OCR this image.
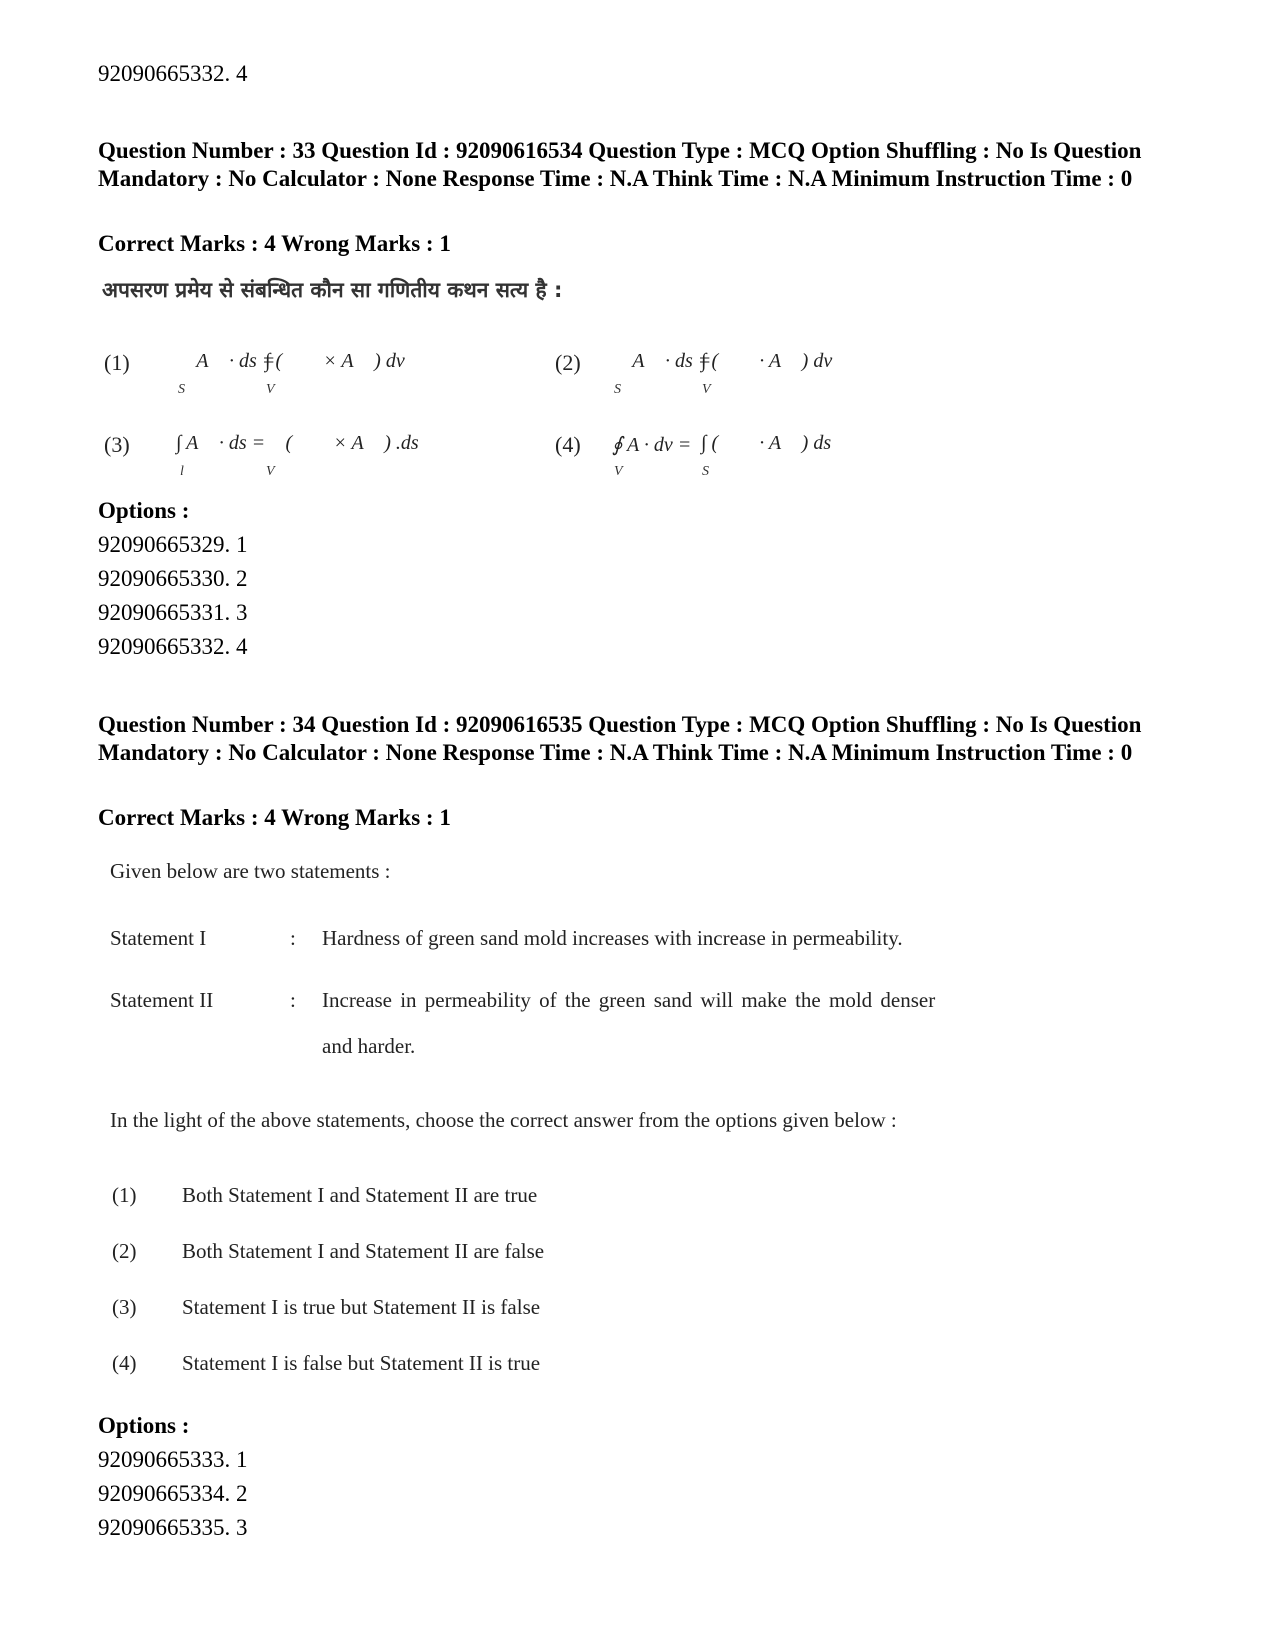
92090665332. 4
Question Number : 33 Question Id : 92090616534 Question Type : MCQ Option Shuffling : No Is Question Mandatory : No Calculator : None Response Time : N.A Think Time : N.A Minimum Instruction Time : 0
Correct Marks : 4 Wrong Marks : 1
अपसरण प्रमेय से संबन्धित कौन सा गणितीय कथन सत्य है :
(1) ∮ A⃗ · ds =
∫ ( ∇⃗ × A⃗ ) dv
S	V
(2) ∮ A⃗ · ds =
∫ ( ∇⃗ · A⃗ ) dv
S	V
(3) ∫ A⃗ · ds = ∮ ( ∇⃗ × A⃗ ) .ds
l	V
(4) ∮ A · dv = ∫ ( ∇⃗ · A⃗ ) ds
V	S
Options :
92090665329. 1
92090665330. 2
92090665331. 3
92090665332. 4
Question Number : 34 Question Id : 92090616535 Question Type : MCQ Option Shuffling : No Is Question Mandatory : No Calculator : None Response Time : N.A Think Time : N.A Minimum Instruction Time : 0
Correct Marks : 4 Wrong Marks : 1
Given below are two statements :
Statement I	: Hardness of green sand mold increases with increase in permeability.
Statement II	: Increase in permeability of the green sand will make the mold denser
and harder.
In the light of the above statements, choose the correct answer from the options given below :
(1) Both Statement I and Statement II are true
(2) Both Statement I and Statement II are false
(3) Statement I is true but Statement II is false
(4) Statement I is false but Statement II is true
Options :
92090665333. 1
92090665334. 2
92090665335. 3
